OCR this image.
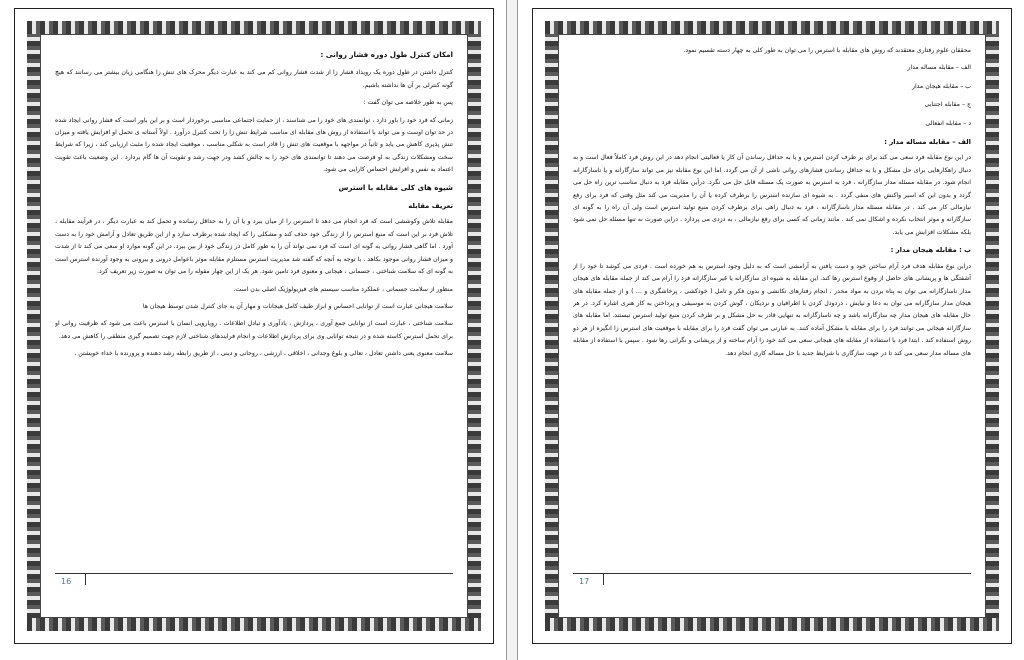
امکان کنترل طول دوره فشار روانی :

کنترل داشتن در طول دوره یک رویداد فشار زا از شدت فشار روانی کم می کند به عبارت دیگر محرک های تنش زا هنگامی زیان بیشتر می رسانند که هیچ گونه کنترلی بر آن ها نداشته باشیم.

پس به طور خلاصه می توان گفت :

زمانی که فرد خود را باور دارد ، توانمندی های خود را می شناسند ، از حمایت اجتماعی مناسبی برخوردار است و بر این باور است که فشار روانی ایجاد شده در حد توان اوست و می تواند با استفاده از روش های مقابله ای مناسب شرایط تنش زا را تحت کنترل درآورد . اولاً آستانه ی تحمل او افزایش یافته و میزان تنش پذیری کاهش می یابد و ثانیاً در مواجهه با موقعیت های تنش زا قادر است به شکلی مناسب ، موقعیت ایجاد شده را مثبت ارزیابی کند ، زیرا که شرایط سخت ومشکلات زندگی به او فرصت می دهند تا توانمندی های خود را به چالش کشد ودر جهت رشد و تقویت آن ها گام بردارد . این وضعیت باعث تقویت اعتماد به نفس و افزایش احساس کارایی می شود.

شیوه های کلی مقابله با استرس
تعریف مقابله

مقابله تلاش وکوششی است که فرد انجام می دهد تا استرس را از میان ببرد و یا آن را به حداقل رسانده و تحمل کند به عبارت دیگر ، در فرآیند مقابله ، تلاش فرد بر این است که منبع استرس را از زندگی خود حذف کند و مشکلی را که ایجاد شده برطرف سازد و از این طریق تعادل و آرامش خود را به دست آورد . اما گاهی فشار روانی به گونه ای است که فرد نمی تواند آن را به طور کامل در زندگی خود از بین ببرد. در این گونه موارد او سعی می کند تا از شدت و میزان فشار روانی موجود بکاهد . با توجه به آنچه که گفته شد مدیریت استرس مستلزم مقابله موثر باعوامل درونی و بیرونی به وجود آورنده استرس است به گونه ای که سلامت شناختی ، جسمانی ، هیجانی و معنوی فرد تامین شود. هر یک از این چهار مقوله را می توان به صورت زیر تعریف کرد.

منظور از سلامت جسمانی ، عملکرد مناسب سیستم های فیزیولوژیک اصلی بدن است.

سلامت هیجانی عبارت است از توانایی احساس و ابراز طیف کامل هیجانات و مهار آن به جای کنترل شدن توسط هیجان ها

سلامت شناختی ، عبارت است از توانایی جمع آوری ، پردازش ، یادآوری و تبادل اطلاعات . رویارویی انسان با استرس باعث می شود که ظرفیت روانی او برای تحمل استرس کاسته شده و در نتیجه توانایی وی برای پردازش اطلاعات و انجام فرایندهای شناختی لازم جهت تصمیم گیری منطقی را کاهش می دهد.

سلامت معنوی یعنی داشتن تعادل ، تعالی و بلوغ وجدانی ، اخلاقی ، ارزشی ، روحانی و دینی ، از طریق رابطه رشد دهنده و پرورنده با خداء خویشتن .

16

محققان علوم رفتاری معتقدند که روش های مقابله با استرس را می توان به طور کلی به چهار دسته تقسیم نمود.

الف – مقابله مساله مدار
ب – مقابله هیجان مدار
ج – مقابله اجتنابی
د – مقابله انفعالی
الف – مقابله مساله مدار :

در این نوع مقابله فرد سعی می کند برای بر طرف کردن استرس و یا به حداقل رساندن آن کار یا فعالیتی انجام دهد در این روش فرد کاملاً فعال است و به دنبال راهکارهایی برای حل مشکل و یا به حداقل رساندن فشارهای روانی ناشی از آن می گردد. اما این نوع مقابله نیز می تواند سازگارانه و یا ناسازگارانه انجام شود. در مقابله مسئله مدار سازگارانه ، فرد به استرس به صورت یک مسئله قابل حل می نگرد. درآین مقابله فرد به دنبال مناسب ترین راه حل می گردد و بدون این که اسیر واکنش های منفی گردد . به شیوه ای سازنده استرس را برطرف کرده یا آن را مدیریت می کند مثل وقتی که فرد برای رفع نیازمالی کار می کند . در مقابله مسئله مدار ناسازگارانه ، فرد به دنبال راهی برای برطرف کردن منبع تولید استرس است ولی آن راه را به گونه ای سازگارانه و موثر انتخاب نکرده و اشکال نمی کند . مانند زمانی که کسی برای رفع نیازمالی ، به دزدی می پردازد . دراین صورت نه تنها مسئله حل نمی شود بلکه مشکلات افزایش می یابد.

ب : مقابله هیجان مدار :

دراین نوع مقابله هدف فرد آرام ساختن خود و دست یافتن به آرامشی است که به دلیل وجود استرس به هم خورده است . فردی می کوشد تا خود را از آشفتگی ها و پریشانی های حاصل از وقوع استرس رها کند. این مقابله به شیوه ای سازگارانه یا غیر سازگارانه فرد را آرام می کند از جمله مقابله های هیجان مدار ناسازگارانه می توان به پناه بردن به مواد مخدر ، انجام رفتارهای تکانشی و بدون فکر و تامل ( خودکشی ، پرخاشگری و ... ) و از جمله مقابله های هیجان مدار سازگارانه می توان به دعا و نیایش ، دردودل کردن با اطرافیان و نزدیکان ، گوش کردن به موسیقی و پرداختن به کار هنری اشاره کرد. در هر حال مقابله های هیجان مدار چه سازگارانه باشد و چه ناسازگارانه به تنهایی قادر به حل مشکل و بر طرف کردن منبع تولید استرس نیستند. اما مقابله های سازگارانه هیجانی می توانند فرد را برای مقابله با مشکل آماده کنند. به عبارتی می توان گفت فرد را برای مقابله با موقعیت های استرس زا انگیزه از هر دو روش استفاده کند . ابتدا فرد با استفاده از مقابله های هیجانی سعی می کند خود را آرام ساخته و از پریشانی و نگرانی رها شود . سپس با استفاده از مقابله های مساله مدار سعی می کند تا در جهت سازگاری با شرایط جدید با حل مساله کاری انجام دهد.

17
